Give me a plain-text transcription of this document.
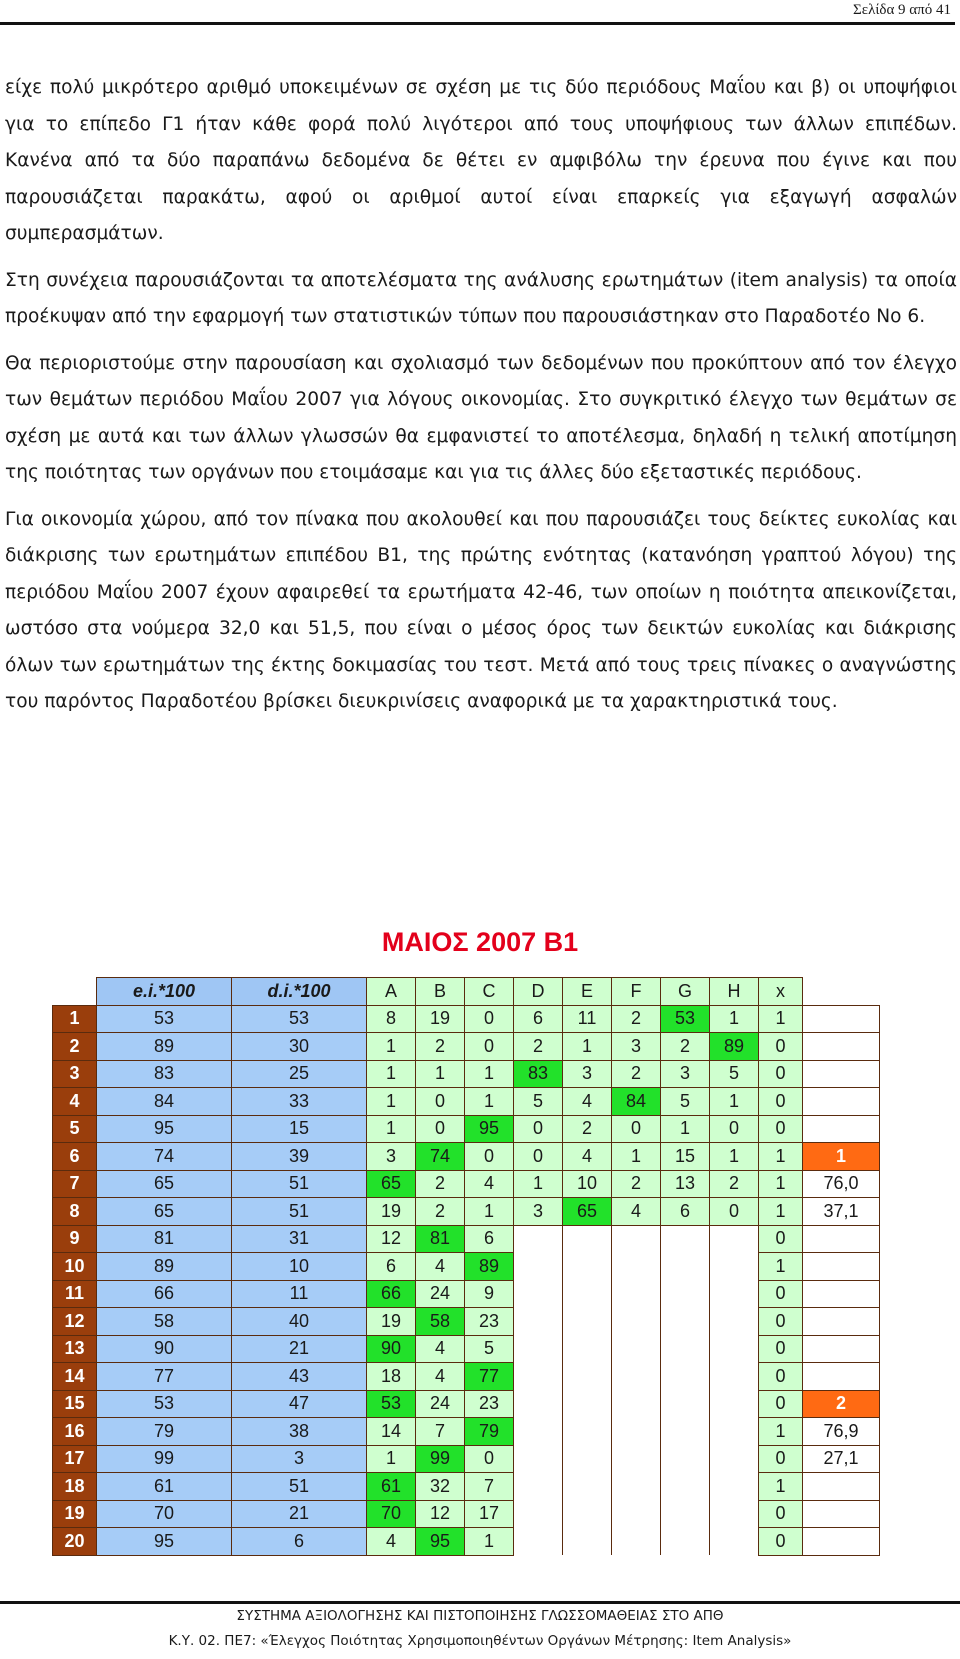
Σελίδα 9 από 41

είχε πολύ μικρότερο αριθμό υποκειμένων σε σχέση με τις δύο περιόδους Μαΐου και β) οι υποψήφιοι για το επίπεδο Γ1 ήταν κάθε φορά πολύ λιγότεροι από τους υποψήφιους των άλλων επιπέδων. Κανένα από τα δύο παραπάνω δεδομένα δε θέτει εν αμφιβόλω την έρευνα που έγινε και που παρουσιάζεται παρακάτω, αφού οι αριθμοί αυτοί είναι επαρκείς για εξαγωγή ασφαλών συμπερασμάτων.

Στη συνέχεια παρουσιάζονται τα αποτελέσματα της ανάλυσης ερωτημάτων (item analysis) τα οποία προέκυψαν από την εφαρμογή των στατιστικών τύπων που παρουσιάστηκαν στο Παραδοτέο Νο 6.

Θα περιοριστούμε στην παρουσίαση και σχολιασμό των δεδομένων που προκύπτουν από τον έλεγχο των θεμάτων περιόδου Μαΐου 2007 για λόγους οικονομίας. Στο συγκριτικό έλεγχο των θεμάτων σε σχέση με αυτά και των άλλων γλωσσών θα εμφανιστεί το αποτέλεσμα, δηλαδή η τελική αποτίμηση της ποιότητας των οργάνων που ετοιμάσαμε και για τις άλλες δύο εξεταστικές περιόδους.

Για οικονομία χώρου, από τον πίνακα που ακολουθεί και που παρουσιάζει τους δείκτες ευκολίας και διάκρισης των ερωτημάτων επιπέδου Β1, της πρώτης ενότητας (κατανόηση γραπτού λόγου) της περιόδου Μαΐου 2007 έχουν αφαιρεθεί τα ερωτήματα 42-46, των οποίων η ποιότητα απεικονίζεται, ωστόσο στα νούμερα 32,0 και 51,5, που είναι ο μέσος όρος των δεικτών ευκολίας και διάκρισης όλων των ερωτημάτων της έκτης δοκιμασίας του τεστ. Μετά από τους τρεις πίνακες ο αναγνώστης του παρόντος Παραδοτέου βρίσκει διευκρινίσεις αναφορικά με τα χαρακτηριστικά τους.

ΜΑΙΟΣ 2007 Β1
	e.i.*100	d.i.*100	A	B	C	D	E	F	G	H	x	
1	53	53	8	19	0	6	11	2	53	1	1	
2	89	30	1	2	0	2	1	3	2	89	0	
3	83	25	1	1	1	83	3	2	3	5	0	
4	84	33	1	0	1	5	4	84	5	1	0	
5	95	15	1	0	95	0	2	0	1	0	0	
6	74	39	3	74	0	0	4	1	15	1	1	1
7	65	51	65	2	4	1	10	2	13	2	1	76,0
8	65	51	19	2	1	3	65	4	6	0	1	37,1
9	81	31	12	81	6						0	
10	89	10	6	4	89						1	
11	66	11	66	24	9						0	
12	58	40	19	58	23						0	
13	90	21	90	4	5						0	
14	77	43	18	4	77						0	
15	53	47	53	24	23						0	2
16	79	38	14	7	79						1	76,9
17	99	3	1	99	0						0	27,1
18	61	51	61	32	7						1	
19	70	21	70	12	17						0	
20	95	6	4	95	1						0	
ΣΥΣΤΗΜΑ ΑΞΙΟΛΟΓΗΣΗΣ ΚΑΙ ΠΙΣΤΟΠΟΙΗΣΗΣ ΓΛΩΣΣΟΜΑΘΕΙΑΣ ΣΤΟ ΑΠΘ
Κ.Υ. 02. ΠΕ7: «Έλεγχος Ποιότητας Χρησιμοποιηθέντων Οργάνων Μέτρησης: Item Analysis»
